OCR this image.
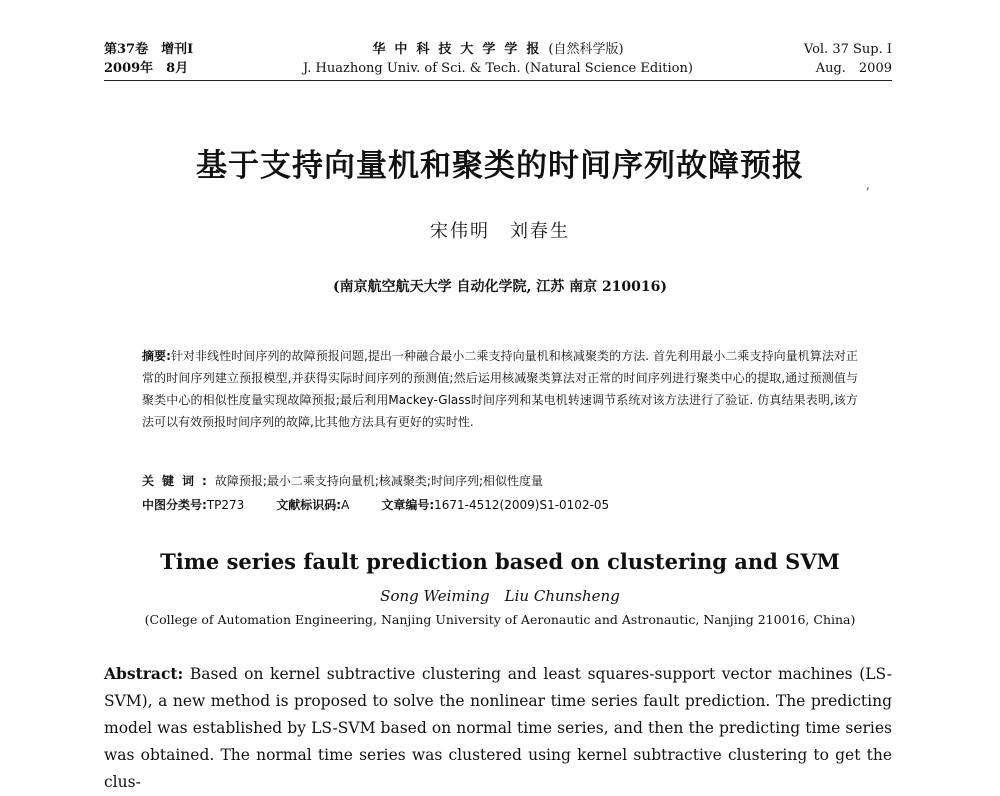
第37卷　增刊Ⅰ
2009年　8月
华中科技大学学报(自然科学版)
J. Huazhong Univ. of Sci. & Tech. (Natural Science Edition)
Vol. 37 Sup. Ⅰ
Aug.　2009
基于支持向量机和聚类的时间序列故障预报
,
宋伟明　刘春生
(南京航空航天大学 自动化学院, 江苏 南京 210016)
摘要:针对非线性时间序列的故障预报问题,提出一种融合最小二乘支持向量机和核减聚类的方法. 首先利用最小二乘支持向量机算法对正常的时间序列建立预报模型,并获得实际时间序列的预测值;然后运用核减聚类算法对正常的时间序列进行聚类中心的提取,通过预测值与聚类中心的相似性度量实现故障预报;最后利用Mackey-Glass时间序列和某电机转速调节系统对该方法进行了验证. 仿真结果表明,该方法可以有效预报时间序列的故障,比其他方法具有更好的实时性.
关键词:故障预报;最小二乘支持向量机;核减聚类;时间序列;相似性度量
中图分类号:TP273	文献标识码:A	文章编号:1671-4512(2009)S1-0102-05
Time series fault prediction based on clustering and SVM
Song Weiming　Liu Chunsheng
(College of Automation Engineering, Nanjing University of Aeronautic and Astronautic, Nanjing 210016, China)
Abstract: Based on kernel subtractive clustering and least squares-support vector machines (LS-SVM), a new method is proposed to solve the nonlinear time series fault prediction. The predicting model was established by LS-SVM based on normal time series, and then the predicting time series was obtained. The normal time series was clustered using kernel subtractive clustering to get the clus-
